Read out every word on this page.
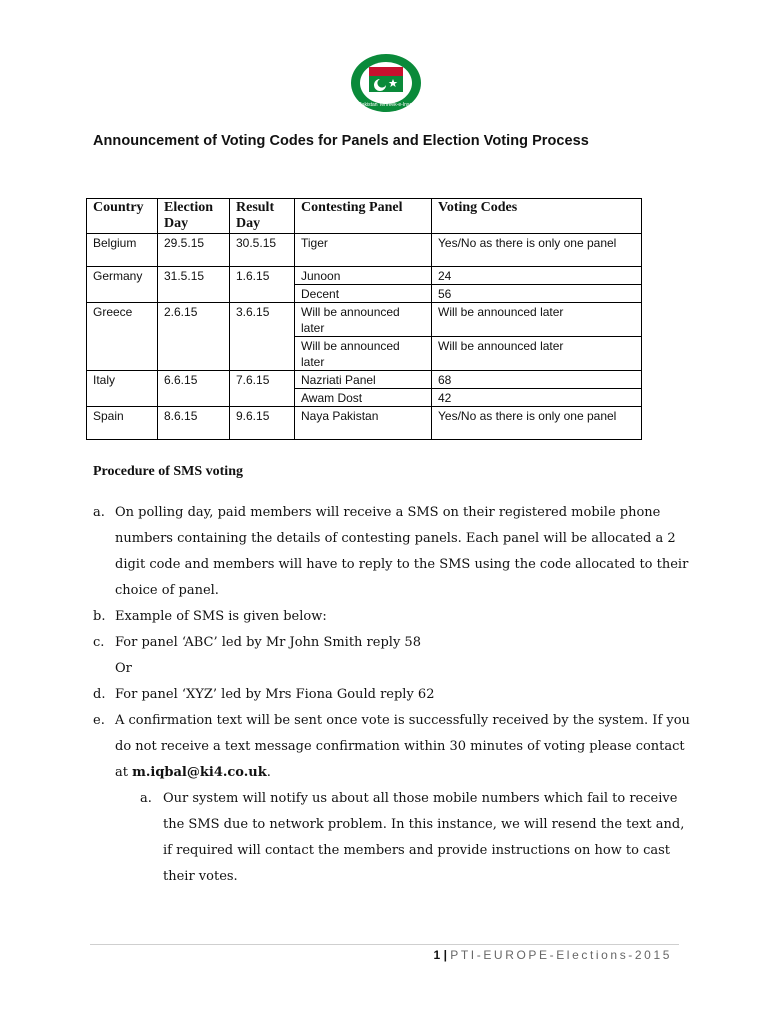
Pakistan Tehreek-e-Insaf
Announcement of Voting Codes for Panels and Election Voting Process
Country	Election Day	Result Day	Contesting Panel	Voting Codes
Belgium	29.5.15	30.5.15	Tiger	Yes/No as there is only one panel
Germany	31.5.15	1.6.15	Junoon	24
			Decent	56
Greece	2.6.15	3.6.15	Will be announced later	Will be announced later
			Will be announced later	Will be announced later
Italy	6.6.15	7.6.15	Nazriati Panel	68
			Awam Dost	42
Spain	8.6.15	9.6.15	Naya Pakistan	Yes/No as there is only one panel
Procedure of SMS voting
a. On polling day, paid members will receive a SMS on their registered mobile phone numbers containing the details of contesting panels. Each panel will be allocated a 2 digit code and members will have to reply to the SMS using the code allocated to their choice of panel.
b. Example of SMS is given below:
c. For panel ‘ABC’ led by Mr John Smith reply 58
Or
d. For panel ‘XYZ’ led by Mrs Fiona Gould reply 62
e. A confirmation text will be sent once vote is successfully received by the system. If you do not receive a text message confirmation within 30 minutes of voting please contact at m.iqbal@ki4.co.uk.
a. Our system will notify us about all those mobile numbers which fail to receive the SMS due to network problem. In this instance, we will resend the text and, if required will contact the members and provide instructions on how to cast their votes.
1 | PTI-EUROPE-Elections-2015
